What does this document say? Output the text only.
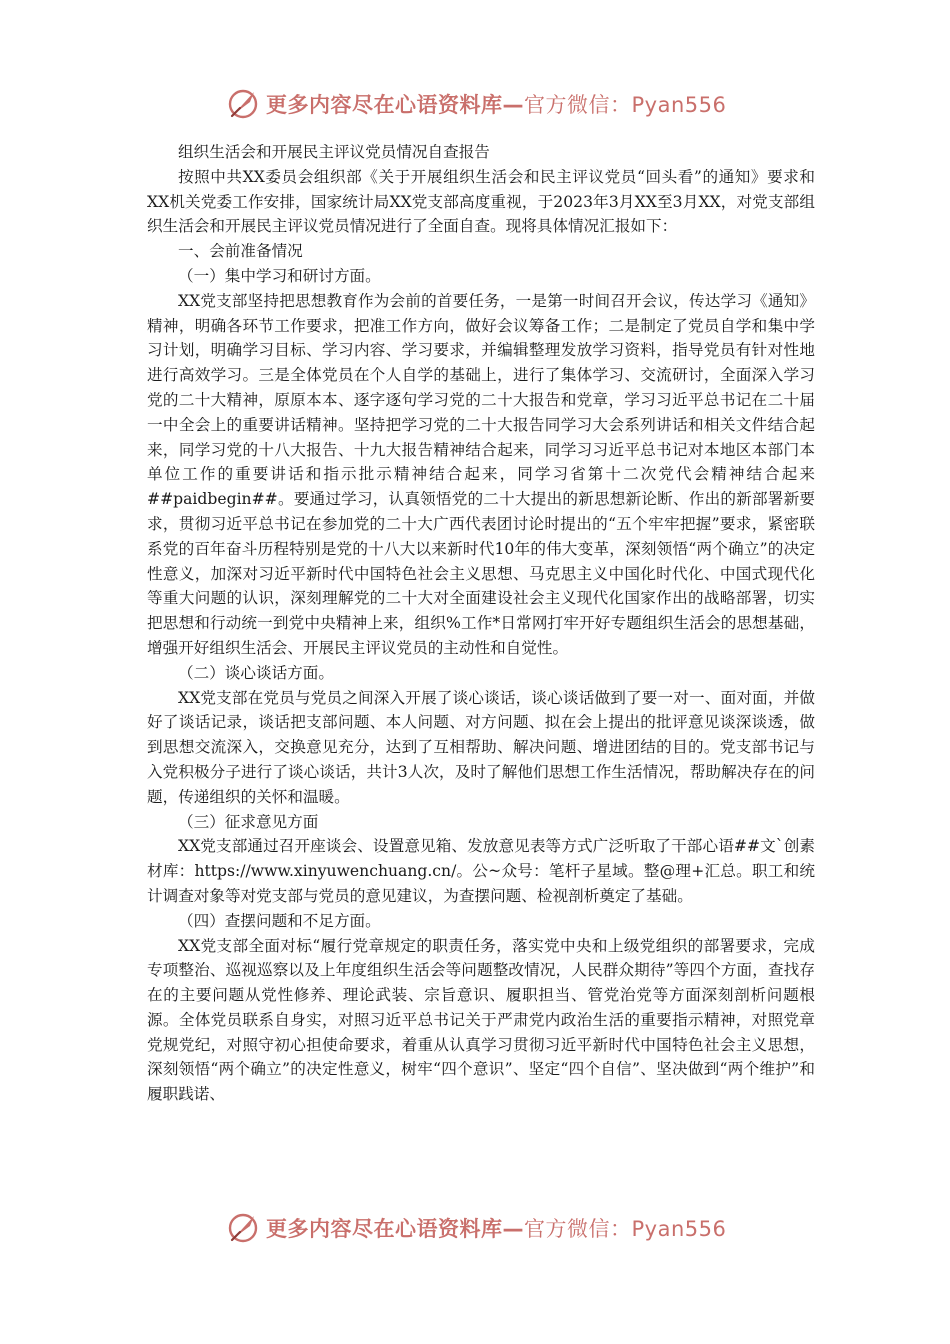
更多内容尽在心语资料库—官方微信：Pyan556

组织生活会和开展民主评议党员情况自查报告

按照中共XX委员会组织部《关于开展组织生活会和民主评议党员“回头看”的通知》要求和XX机关党委工作安排，国家统计局XX党支部高度重视，于2023年3月XX至3月XX，对党支部组织生活会和开展民主评议党员情况进行了全面自查。现将具体情况汇报如下：

一、会前准备情况

（一）集中学习和研讨方面。

XX党支部坚持把思想教育作为会前的首要任务，一是第一时间召开会议，传达学习《通知》精神，明确各环节工作要求，把准工作方向，做好会议筹备工作；二是制定了党员自学和集中学习计划，明确学习目标、学习内容、学习要求，并编辑整理发放学习资料，指导党员有针对性地进行高效学习。三是全体党员在个人自学的基础上，进行了集体学习、交流研讨，全面深入学习党的二十大精神，原原本本、逐字逐句学习党的二十大报告和党章，学习习近平总书记在二十届一中全会上的重要讲话精神。坚持把学习党的二十大报告同学习大会系列讲话和相关文件结合起来，同学习党的十八大报告、十九大报告精神结合起来，同学习习近平总书记对本地区本部门本单位工作的重要讲话和指示批示精神结合起来，同学习省第十二次党代会精神结合起来##paidbegin##。要通过学习，认真领悟党的二十大提出的新思想新论断、作出的新部署新要求，贯彻习近平总书记在参加党的二十大广西代表团讨论时提出的“五个牢牢把握”要求，紧密联系党的百年奋斗历程特别是党的十八大以来新时代10年的伟大变革，深刻领悟“两个确立”的决定性意义，加深对习近平新时代中国特色社会主义思想、马克思主义中国化时代化、中国式现代化等重大问题的认识，深刻理解党的二十大对全面建设社会主义现代化国家作出的战略部署，切实把思想和行动统一到党中央精神上来，组织%工作*日常网打牢开好专题组织生活会的思想基础，增强开好组织生活会、开展民主评议党员的主动性和自觉性。

（二）谈心谈话方面。

XX党支部在党员与党员之间深入开展了谈心谈话，谈心谈话做到了要一对一、面对面，并做好了谈话记录，谈话把支部问题、本人问题、对方问题、拟在会上提出的批评意见谈深谈透，做到思想交流深入，交换意见充分，达到了互相帮助、解决问题、增进团结的目的。党支部书记与入党积极分子进行了谈心谈话，共计3人次，及时了解他们思想工作生活情况，帮助解决存在的问题，传递组织的关怀和温暖。

（三）征求意见方面

XX党支部通过召开座谈会、设置意见箱、发放意见表等方式广泛听取了干部心语##文`创素材库：https://www.xinyuwenchuang.cn/。公~众号：笔杆子星域。整@理+汇总。职工和统计调查对象等对党支部与党员的意见建议，为查摆问题、检视剖析奠定了基础。

（四）查摆问题和不足方面。

XX党支部全面对标“履行党章规定的职责任务，落实党中央和上级党组织的部署要求，完成专项整治、巡视巡察以及上年度组织生活会等问题整改情况，人民群众期待”等四个方面，查找存在的主要问题从党性修养、理论武装、宗旨意识、履职担当、管党治党等方面深刻剖析问题根源。全体党员联系自身实，对照习近平总书记关于严肃党内政治生活的重要指示精神，对照党章党规党纪，对照守初心担使命要求，着重从认真学习贯彻习近平新时代中国特色社会主义思想，深刻领悟“两个确立”的决定性意义，树牢“四个意识”、坚定“四个自信”、坚决做到“两个维护”和履职践诺、

更多内容尽在心语资料库—官方微信：Pyan556
